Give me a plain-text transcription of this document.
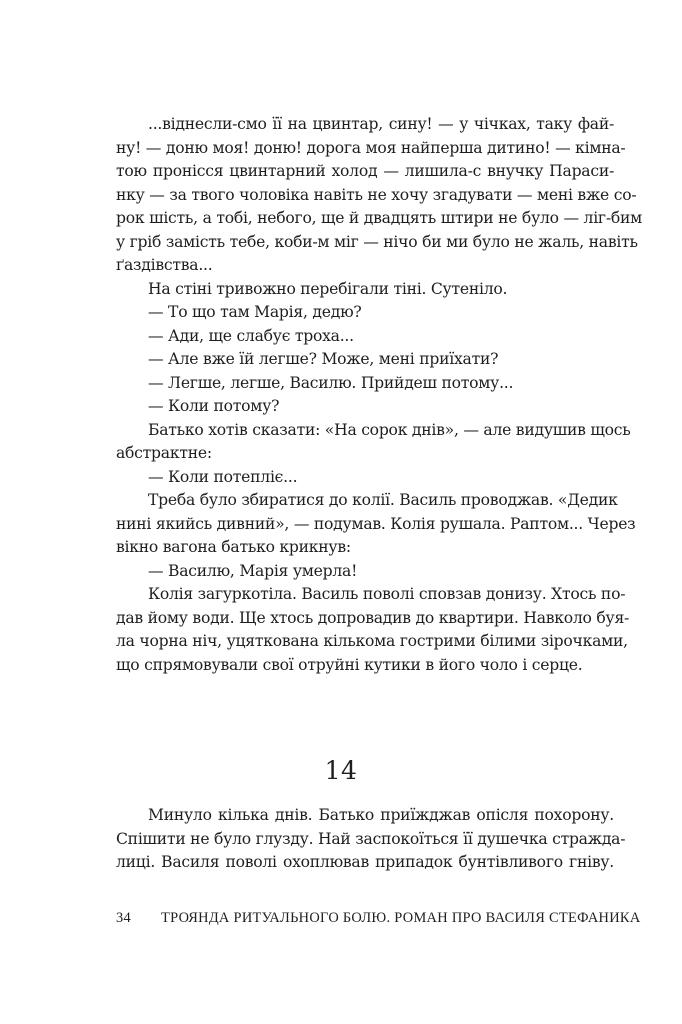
...віднесли-смо її на цвинтар, сину! — у чічках, таку фай-
ну! — доню моя! доню! дорога моя найперша дитино! — кімна-
тою пронісся цвинтарний холод — лишила-с внучку Параси-
нку — за твого чоловіка навіть не хочу згадувати — мені вже со-
рок шість, а тобі, небого, ще й двадцять штири не було — ліг-бим
у гріб замість тебе, коби-м міг — нічо би ми було не жаль, навіть
ґаздівства...
На стіні тривожно перебігали тіні. Сутеніло.
— То що там Марія, дедю?
— Ади, ще слабує троха...
— Але вже їй легше? Може, мені приїхати?
— Легше, легше, Василю. Прийдеш потому...
— Коли потому?
Батько хотів сказати: «На сорок днів», — але видушив щось
абстрактне:
— Коли потепліє...
Треба було збиратися до колії. Василь проводжав. «Дедик
нині якийсь дивний», — подумав. Колія рушала. Раптом... Через
вікно вагона батько крикнув:
— Василю, Марія умерла!
Колія загуркотіла. Василь поволі сповзав донизу. Хтось по-
дав йому води. Ще хтось допровадив до квартири. Навколо буя-
ла чорна ніч, уцяткована кількома гострими білими зірочками,
що спрямовували свої отруйні кутики в його чоло і серце.
14
Минуло кілька днів. Батько приїжджав опісля похорону.
Спішити не було глузду. Най заспокоїться її душечка стражда-
лиці. Василя поволі охоплював припадок бунтівливого гніву.
34 ТРОЯНДА РИТУАЛЬНОГО БОЛЮ. РОМАН ПРО ВАСИЛЯ СТЕФАНИКА
